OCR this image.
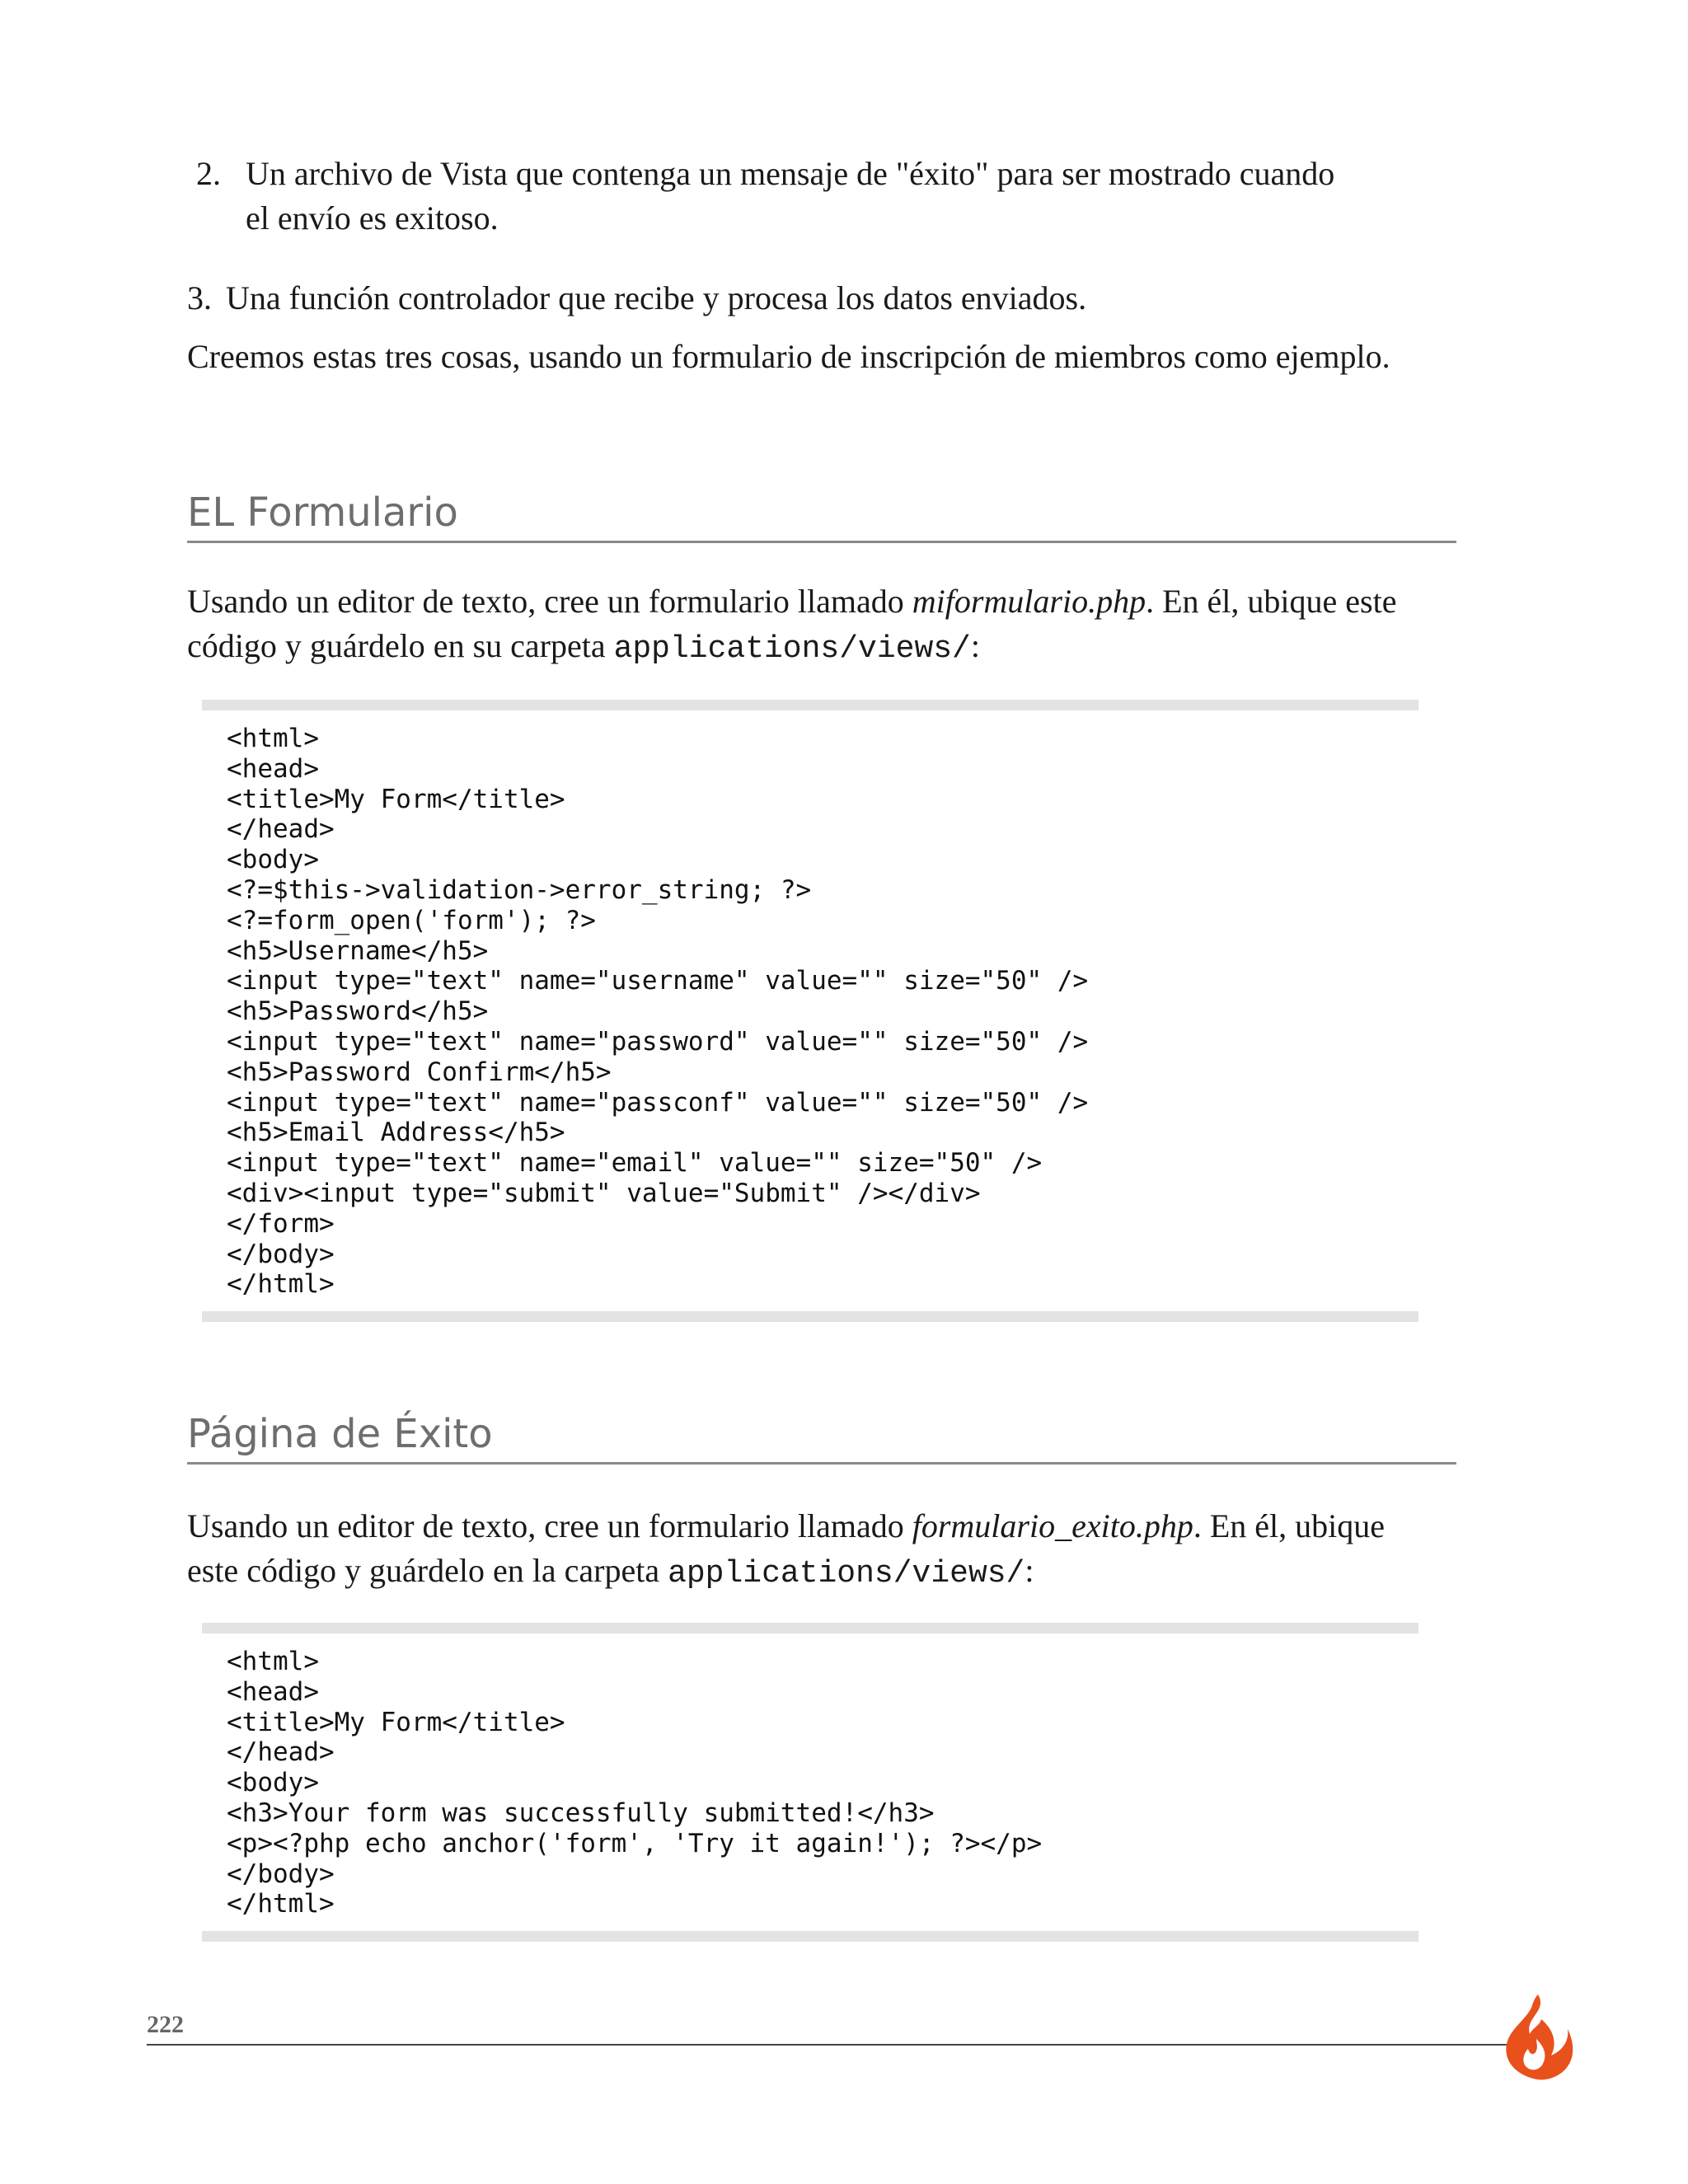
2. Un archivo de Vista que contenga un mensaje de "éxito" para ser mostrado cuando el envío es exitoso.
3. Una función controlador que recibe y procesa los datos enviados.

Creemos estas tres cosas, usando un formulario de inscripción de miembros como ejemplo.

EL Formulario

Usando un editor de texto, cree un formulario llamado miformulario.php. En él, ubique este código y guárdelo en su carpeta applications/views/:

<html>
<head>
<title>My Form</title>
</head>
<body>
<?=$this->validation->error_string; ?>
<?=form_open('form'); ?>
<h5>Username</h5>
<input type="text" name="username" value="" size="50" />
<h5>Password</h5>
<input type="text" name="password" value="" size="50" />
<h5>Password Confirm</h5>
<input type="text" name="passconf" value="" size="50" />
<h5>Email Address</h5>
<input type="text" name="email" value="" size="50" />
<div><input type="submit" value="Submit" /></div>
</form>
</body>
</html>
Página de Éxito

Usando un editor de texto, cree un formulario llamado formulario_exito.php. En él, ubique este código y guárdelo en la carpeta applications/views/:

<html>
<head>
<title>My Form</title>
</head>
<body>
<h3>Your form was successfully submitted!</h3>
<p><?php echo anchor('form', 'Try it again!'); ?></p>
</body>
</html>
222
